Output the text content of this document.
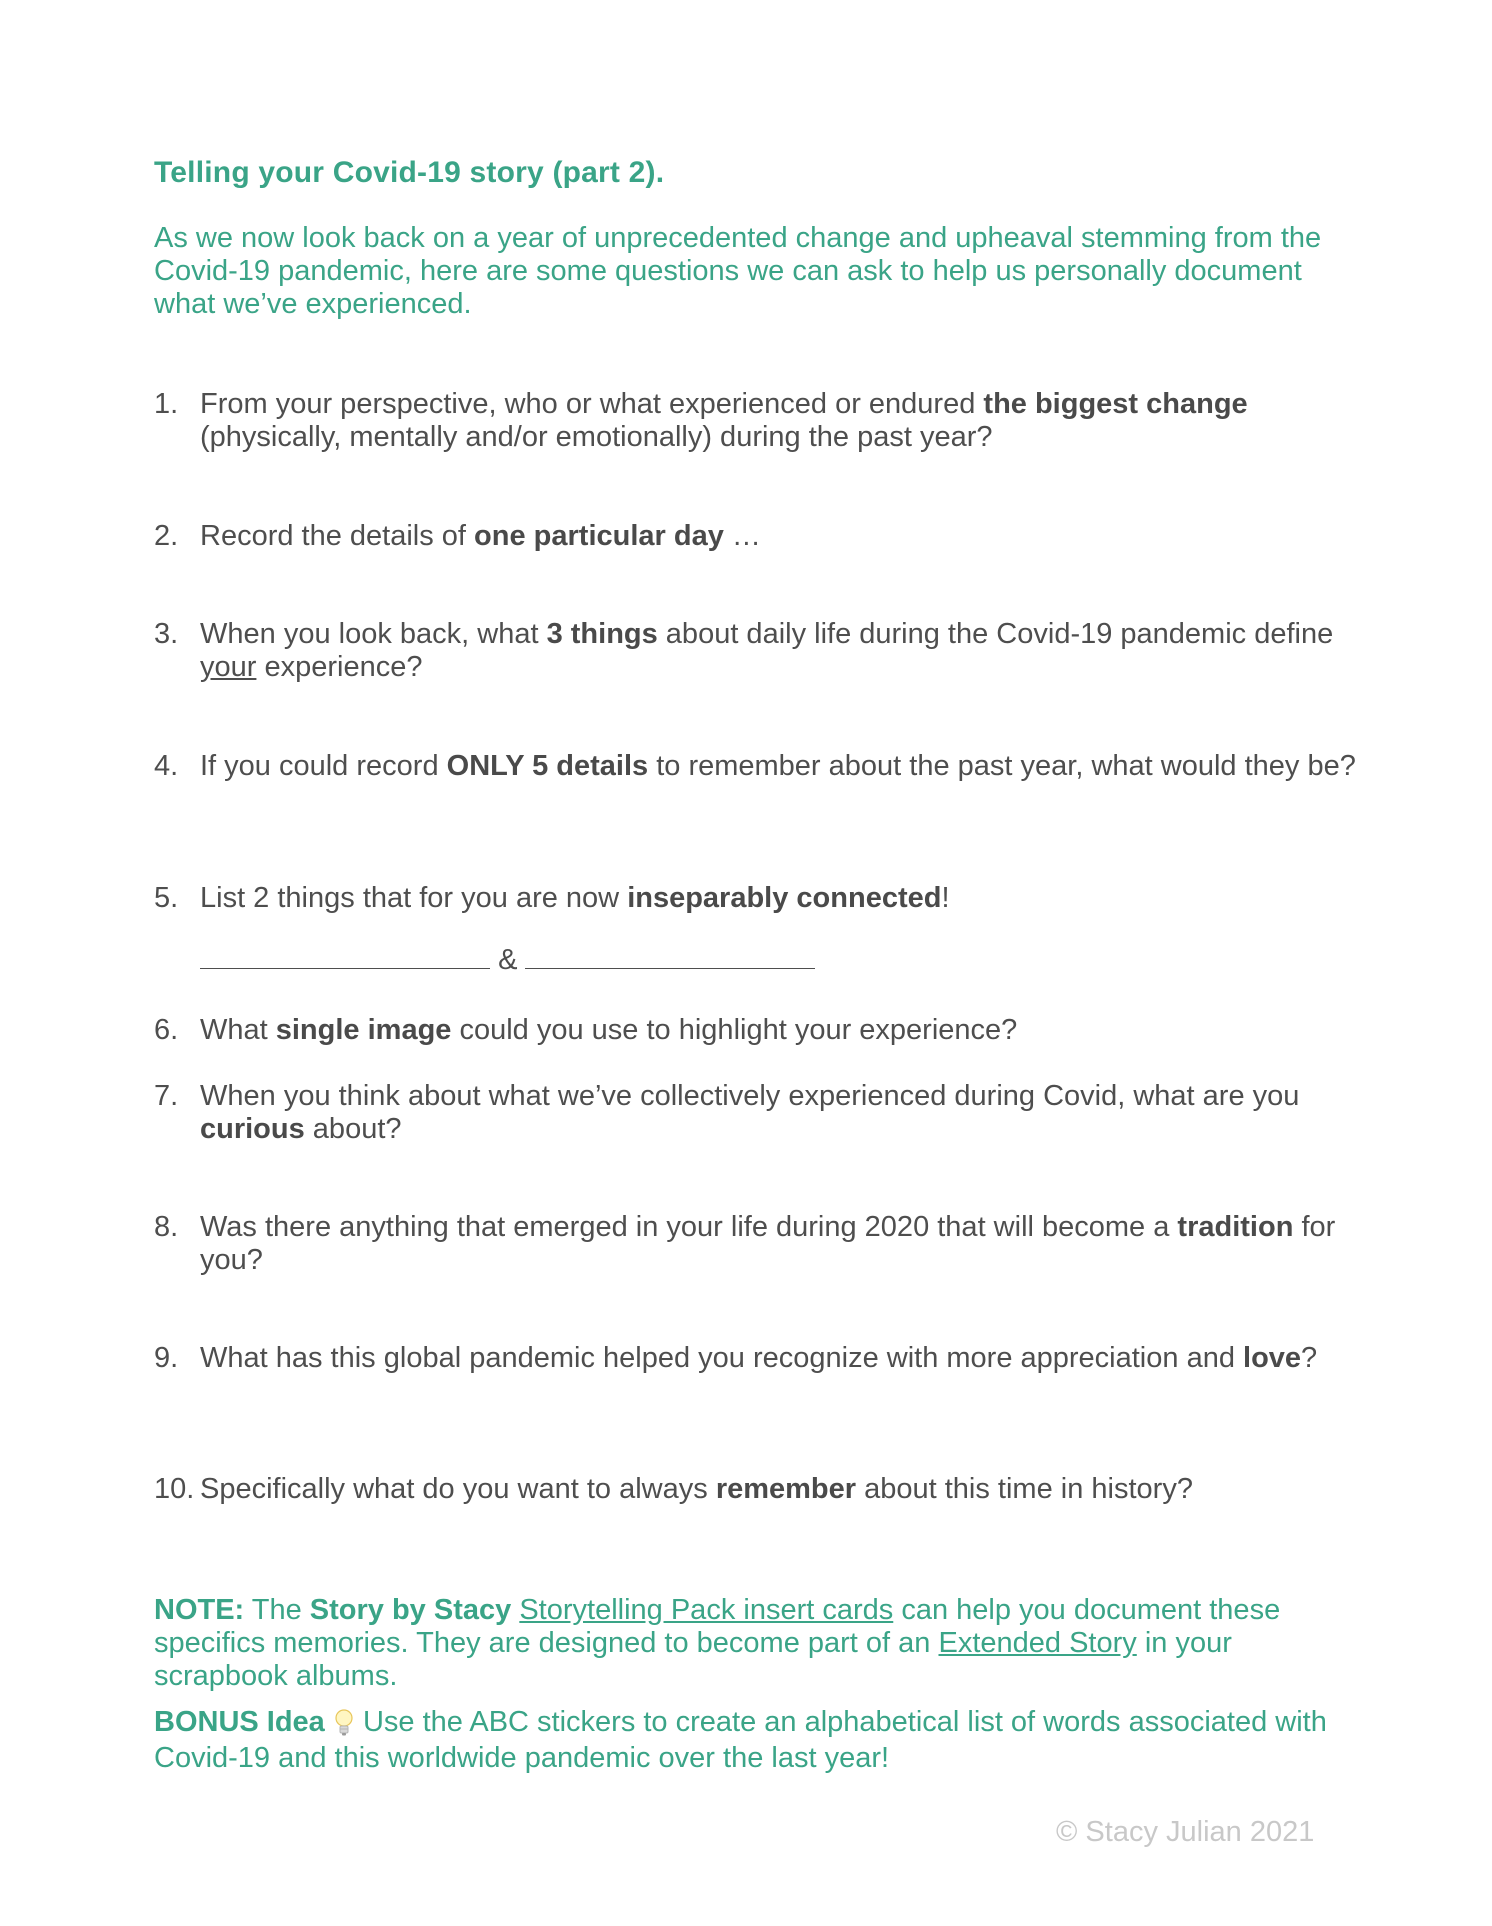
Telling your Covid-19 story (part 2).
As we now look back on a year of unprecedented change and upheaval stemming from the Covid-19 pandemic, here are some questions we can ask to help us personally document what we’ve experienced.
1. From your perspective, who or what experienced or endured the biggest change (physically, mentally and/or emotionally) during the past year?
2. Record the details of one particular day …
3. When you look back, what 3 things about daily life during the Covid-19 pandemic define your experience?
4. If you could record ONLY 5 details to remember about the past year, what would they be?
5. List 2 things that for you are now inseparably connected!
&
6. What single image could you use to highlight your experience?
7. When you think about what we’ve collectively experienced during Covid, what are you curious about?
8. Was there anything that emerged in your life during 2020 that will become a tradition for you?
9. What has this global pandemic helped you recognize with more appreciation and love?
10. Specifically what do you want to always remember about this time in history?
NOTE: The Story by Stacy Storytelling Pack insert cards can help you document these specifics memories. They are designed to become part of an Extended Story in your scrapbook albums.
BONUS Idea  Use the ABC stickers to create an alphabetical list of words associated with Covid-19 and this worldwide pandemic over the last year!
© Stacy Julian 2021
